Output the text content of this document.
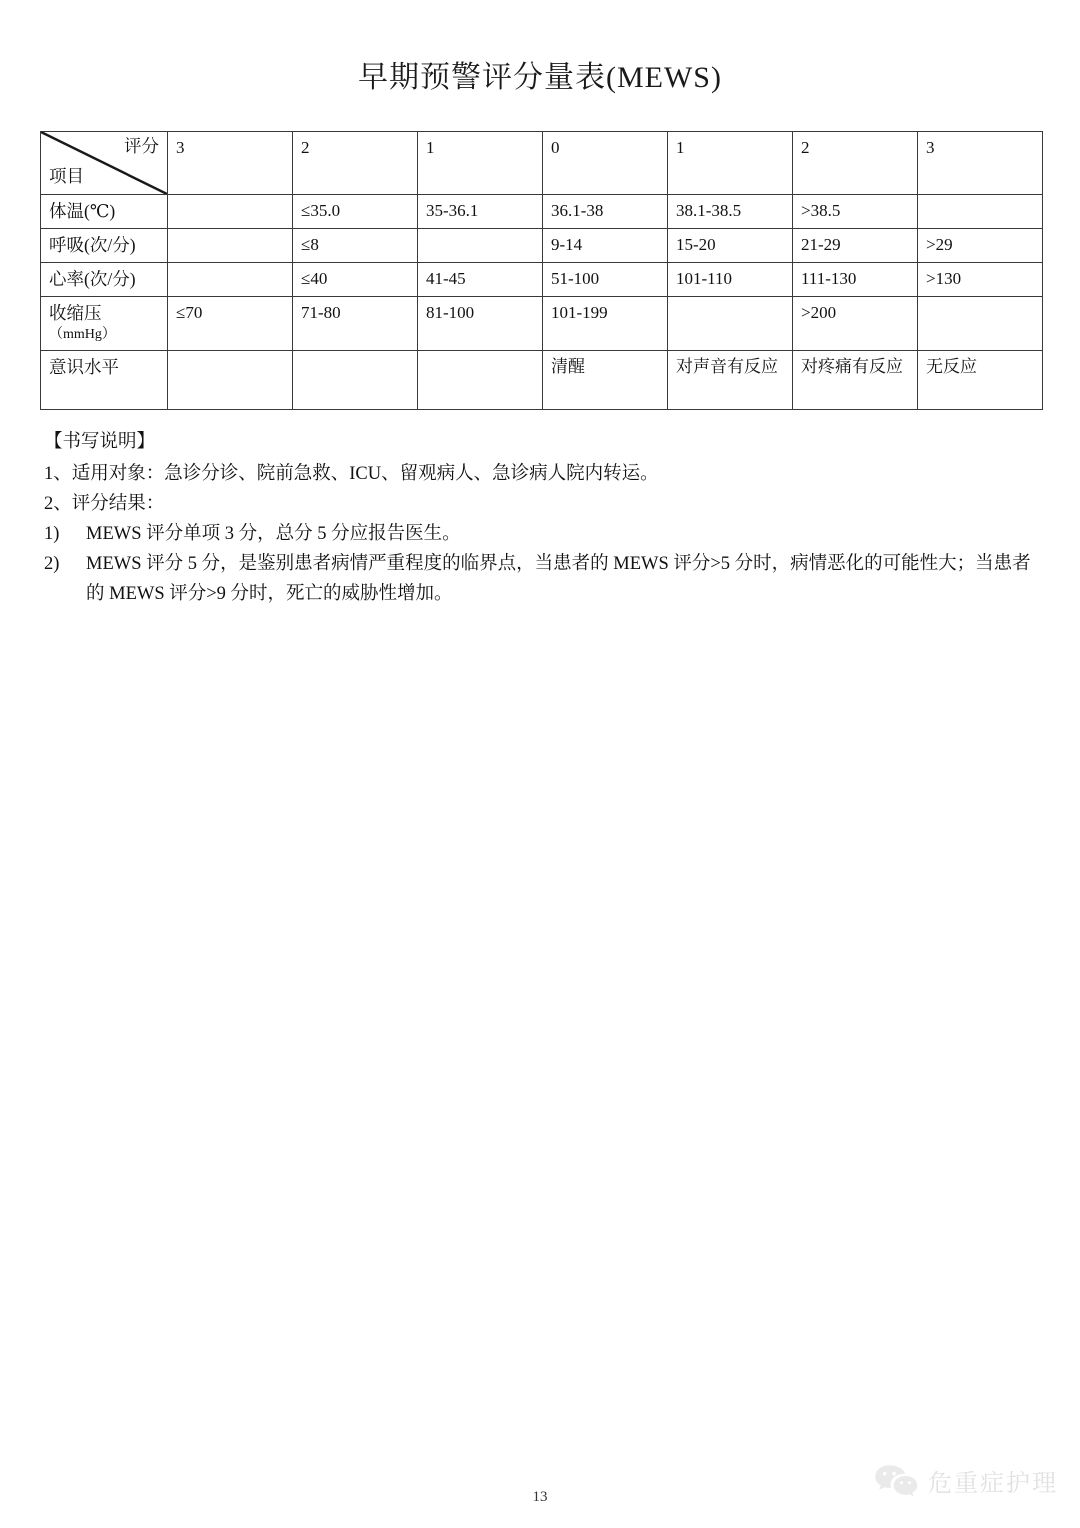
早期预警评分量表(MEWS)
评分
项目	3	2	1	0	1	2	3
体温(℃)		≤35.0	35-36.1	36.1-38	38.1-38.5	>38.5	
呼吸(次/分)		≤8		9-14	15-20	21-29	>29
心率(次/分)		≤40	41-45	51-100	101-110	111-130	>130

收缩压
（mmHg）	≤70	71-80	81-100	101-199		>200	
意识水平				清醒	对声音有反应	对疼痛有反应	无反应
【书写说明】
1、适用对象：急诊分诊、院前急救、ICU、留观病人、急诊病人院内转运。
2、评分结果：
1)	MEWS 评分单项 3 分，总分 5 分应报告医生。
2)	MEWS 评分 5 分，是鉴别患者病情严重程度的临界点，当患者的 MEWS 评分>5 分时，病情恶化的可能性大；当患者的 MEWS 评分>9 分时，死亡的威胁性增加。
13
危重症护理
